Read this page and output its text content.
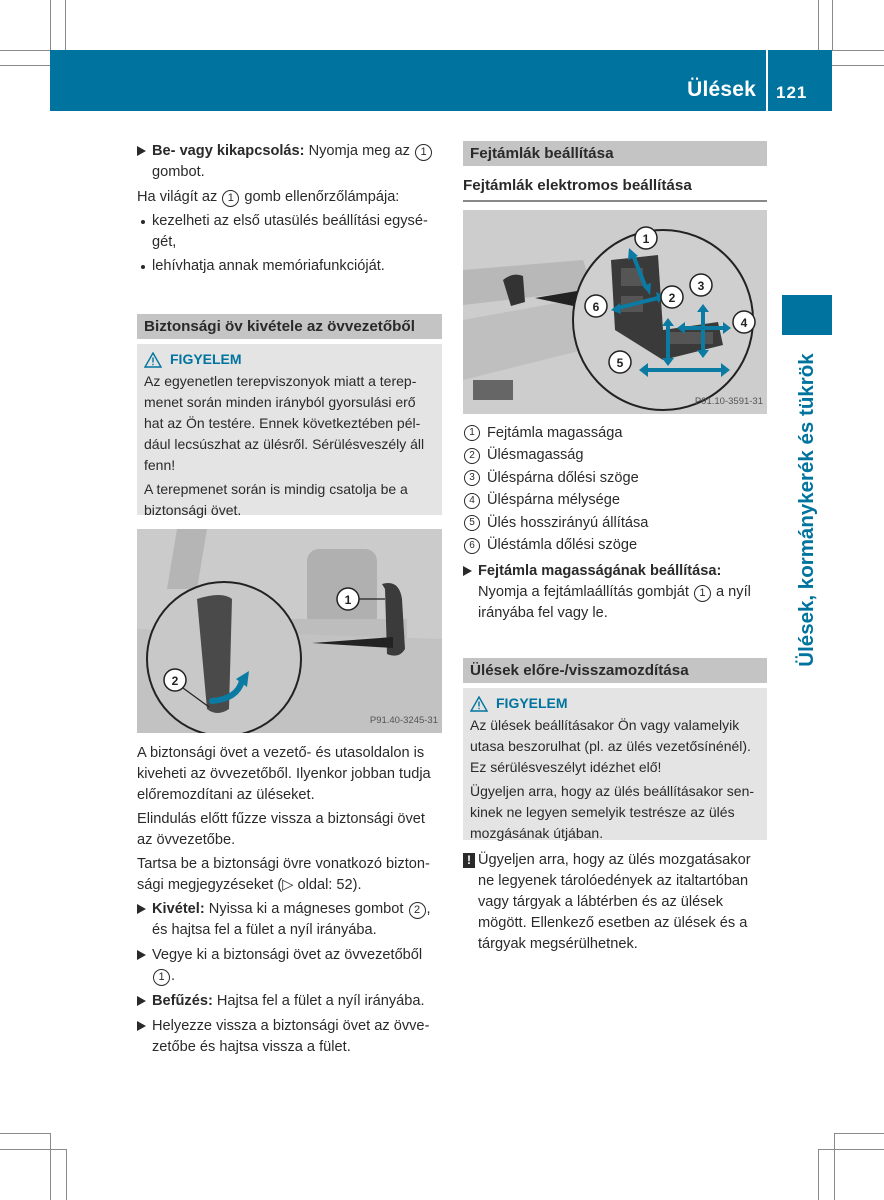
Ülések 121
Ülések, kormánykerék és tükrök
Be- vagy kikapcsolás: Nyomja meg az 1 gombot.
Ha világít az 1 gomb ellenőrzőlámpája:
kezelheti az első utasülés beállítási egységét,
lehívhatja annak memóriafunkcióját.
Biztonsági öv kivétele az övvezetőből
FIGYELEM
Az egyenetlen terepviszonyok miatt a terepmenet során minden irányból gyorsulási erő hat az Ön testére. Ennek következtében például lecsúszhat az ülésről. Sérülésveszély áll fenn!
A terepmenet során is mindig csatolja be a biztonsági övet.
1
2
P91.40-3245-31
A biztonsági övet a vezető- és utasoldalon is kiveheti az övvezetőből. Ilyenkor jobban tudja előremozdítani az üléseket.
Elindulás előtt fűzze vissza a biztonsági övet az övvezetőbe.
Tartsa be a biztonsági övre vonatkozó biztonsági megjegyzéseket (▷ oldal: 52).
Kivétel: Nyissa ki a mágneses gombot 2 , és hajtsa fel a fület a nyíl irányába.
Vegye ki a biztonsági övet az övvezetőből 1 .
Befűzés: Hajtsa fel a fület a nyíl irányába.
Helyezze vissza a biztonsági övet az övvezetőbe és hajtsa vissza a fület.
Fejtámlák beállítása
Fejtámlák elektromos beállítása
1
2
3
4
5
6
P91.10-3591-31
1 Fejtámla magassága
2 Ülésmagasság
3 Üléspárna dőlési szöge
4 Üléspárna mélysége
5 Ülés hosszirányú állítása
6 Üléstámla dőlési szöge
Fejtámla magasságának beállítása:
Nyomja a fejtámlaállítás gombját 1 a nyíl irányába fel vagy le.
Ülések előre-/visszamozdítása
FIGYELEM
Az ülések beállításakor Ön vagy valamelyik utasa beszorulhat (pl. az ülés vezetősínénél). Ez sérülésveszélyt idézhet elő!
Ügyeljen arra, hogy az ülés beállításakor senkinek ne legyen semelyik testrésze az ülés mozgásának útjában.
! Ügyeljen arra, hogy az ülés mozgatásakor ne legyenek tárolóedények az italtartóban vagy tárgyak a lábtérben és az ülések mögött. Ellenkező esetben az ülések és a tárgyak megsérülhetnek.
